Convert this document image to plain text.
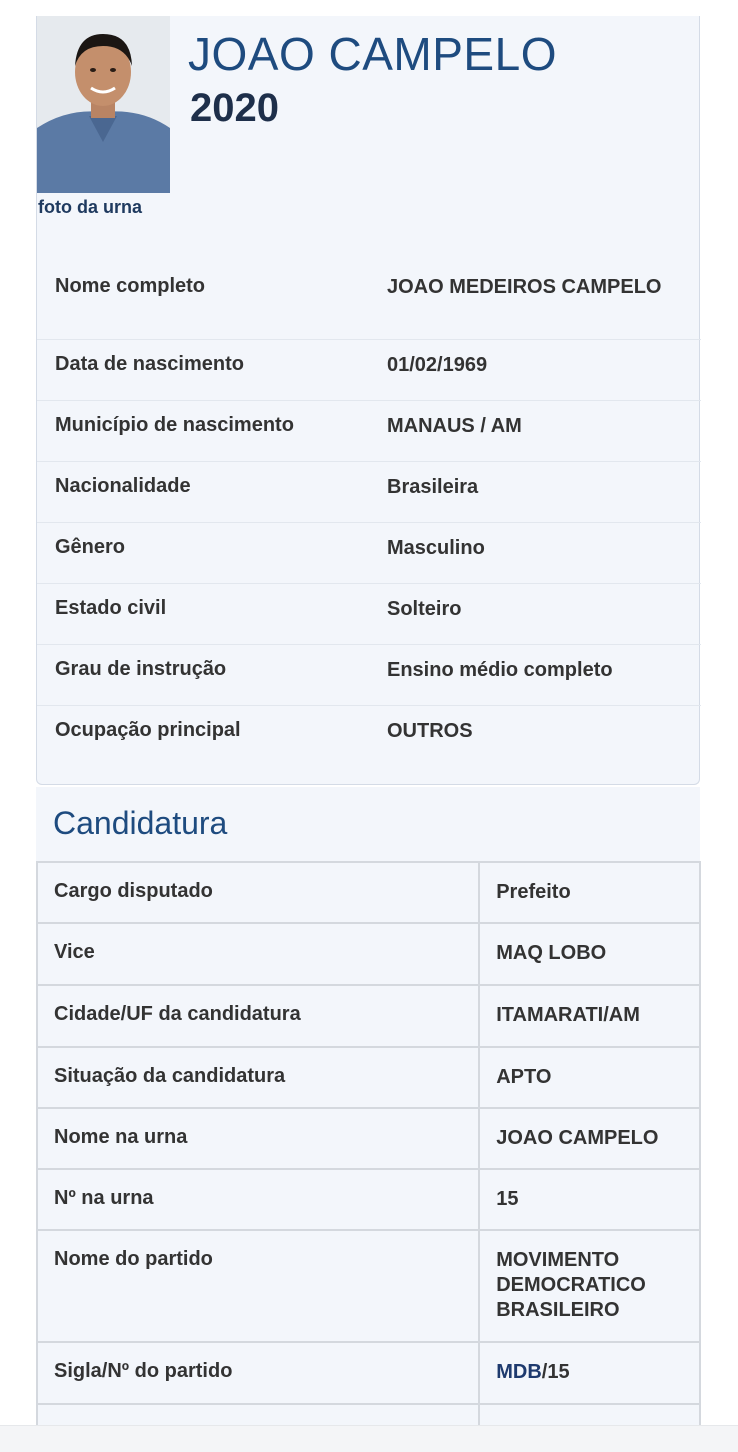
foto da urna
JOAO CAMPELO
2020
Nome completo	JOAO MEDEIROS CAMPELO
Data de nascimento	01/02/1969
Município de nascimento	MANAUS / AM
Nacionalidade	Brasileira
Gênero	Masculino
Estado civil	Solteiro
Grau de instrução	Ensino médio completo
Ocupação principal	OUTROS
Candidatura
Cargo disputado	Prefeito
Vice	MAQ LOBO
Cidade/UF da candidatura	ITAMARATI/AM
Situação da candidatura	APTO
Nome na urna	JOAO CAMPELO
Nº na urna	15
Nome do partido	MOVIMENTO DEMOCRATICO BRASILEIRO
Sigla/Nº do partido	MDB/15
